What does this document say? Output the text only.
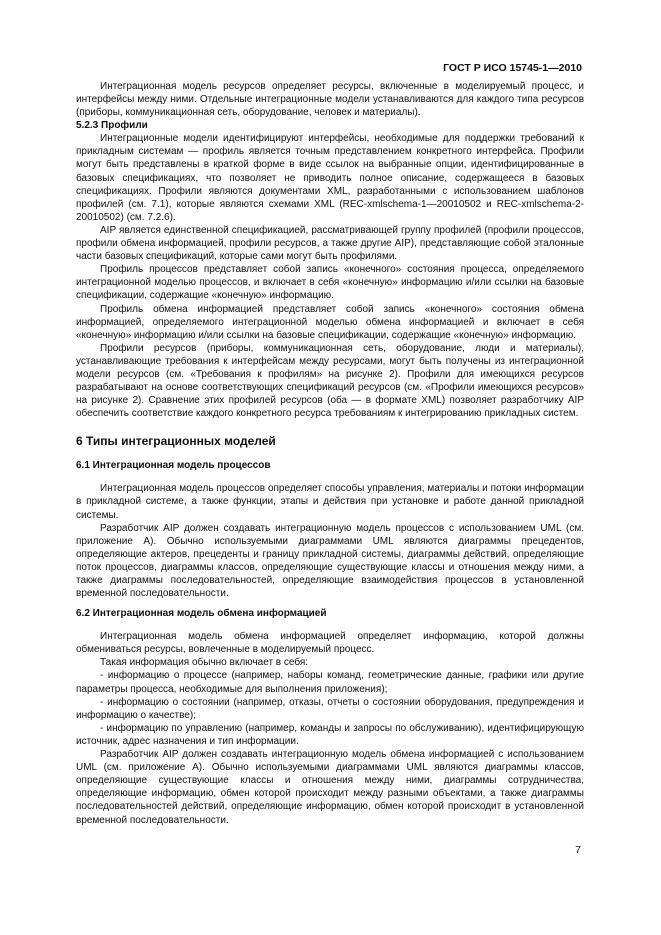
ГОСТ Р ИСО 15745-1—2010

Интеграционная модель ресурсов определяет ресурсы, включенные в моделируемый процесс, и интерфейсы между ними. Отдельные интеграционные модели устанавливаются для каждого типа ресурсов (приборы, коммуникационная сеть, оборудование, человек и материалы).

5.2.3 Профили

Интеграционные модели идентифицируют интерфейсы, необходимые для поддержки требований к прикладным системам — профиль является точным представлением конкретного интерфейса. Профили могут быть представлены в краткой форме в виде ссылок на выбранные опции, идентифицированные в базовых спецификациях, что позволяет не приводить полное описание, содержащееся в базовых спецификациях. Профили являются документами XML, разработанными с использованием шаблонов профилей (см. 7.1), которые являются схемами XML (REC-xmlschema-1—20010502 и REC-xmlschema-2-20010502) (см. 7.2.6).

AIP является единственной спецификацией, рассматривающей группу профилей (профили процессов, профили обмена информацией, профили ресурсов, а также другие AIP), представляющие собой эталонные части базовых спецификаций, которые сами могут быть профилями.

Профиль процессов представляет собой запись «конечного» состояния процесса, определяемого интеграционной моделью процессов, и включает в себя «конечную» информацию и/или ссылки на базовые спецификации, содержащие «конечную» информацию.

Профиль обмена информацией представляет собой запись «конечного» состояния обмена информацией, определяемого интеграционной моделью обмена информацией и включает в себя «конечную» информацию и/или ссылки на базовые спецификации, содержащие «конечную» информацию.

Профили ресурсов (приборы, коммуникационная сеть, оборудование, люди и материалы), устанавливающие требования к интерфейсам между ресурсами, могут быть получены из интеграционной модели ресурсов (см. «Требования к профилям» на рисунке 2). Профили для имеющихся ресурсов разрабатывают на основе соответствующих спецификаций ресурсов (см. «Профили имеющихся ресурсов» на рисунке 2). Сравнение этих профилей ресурсов (оба — в формате XML) позволяет разработчику AIP обеспечить соответствие каждого конкретного ресурса требованиям к интегрированию прикладных систем.

6 Типы интеграционных моделей
6.1 Интеграционная модель процессов

Интеграционная модель процессов определяет способы управления, материалы и потоки информации в прикладной системе, а также функции, этапы и действия при установке и работе данной прикладной системы.

Разработчик AIP должен создавать интеграционную модель процессов с использованием UML (см. приложение А). Обычно используемыми диаграммами UML являются диаграммы прецедентов, определяющие актеров, прецеденты и границу прикладной системы, диаграммы действий, определяющие поток процессов, диаграммы классов, определяющие существующие классы и отношения между ними, а также диаграммы последовательностей, определяющие взаимодействия процессов в установленной временной последовательности.

6.2 Интеграционная модель обмена информацией

Интеграционная модель обмена информацией определяет информацию, которой должны обмениваться ресурсы, вовлеченные в моделируемый процесс.

Такая информация обычно включает в себя:

- информацию о процессе (например, наборы команд, геометрические данные, графики или другие параметры процесса, необходимые для выполнения приложения);

- информацию о состоянии (например, отказы, отчеты о состоянии оборудования, предупреждения и информацию о качестве);

- информацию по управлению (например, команды и запросы по обслуживанию), идентифицирующую источник, адрес назначения и тип информации.

Разработчик AIP должен создавать интеграционную модель обмена информацией с использованием UML (см. приложение А). Обычно используемыми диаграммами UML являются диаграммы классов, определяющие существующие классы и отношения между ними, диаграммы сотрудничества, определяющие информацию, обмен которой происходит между разными объектами, а также диаграммы последовательностей действий, определяющие информацию, обмен которой происходит в установленной временной последовательности.

7
